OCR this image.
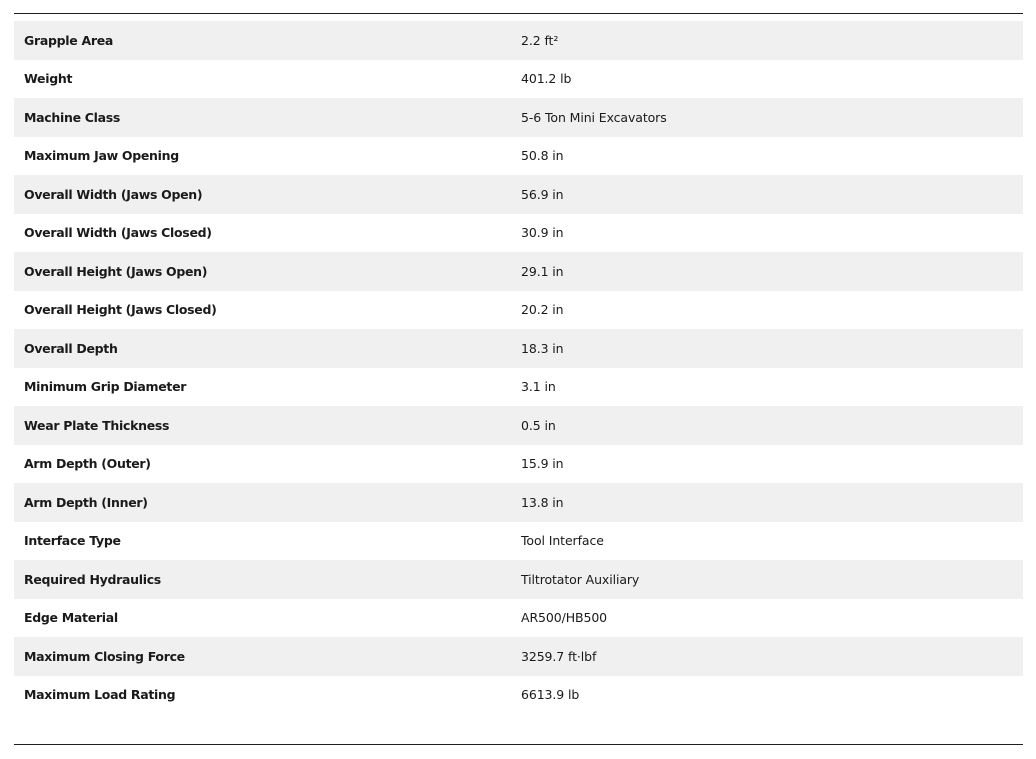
Grapple Area	2.2 ft²
Weight	401.2 lb
Machine Class	5-6 Ton Mini Excavators
Maximum Jaw Opening	50.8 in
Overall Width (Jaws Open)	56.9 in
Overall Width (Jaws Closed)	30.9 in
Overall Height (Jaws Open)	29.1 in
Overall Height (Jaws Closed)	20.2 in
Overall Depth	18.3 in
Minimum Grip Diameter	3.1 in
Wear Plate Thickness	0.5 in
Arm Depth (Outer)	15.9 in
Arm Depth (Inner)	13.8 in
Interface Type	Tool Interface
Required Hydraulics	Tiltrotator Auxiliary
Edge Material	AR500/HB500
Maximum Closing Force	3259.7 ft·lbf
Maximum Load Rating	6613.9 lb
